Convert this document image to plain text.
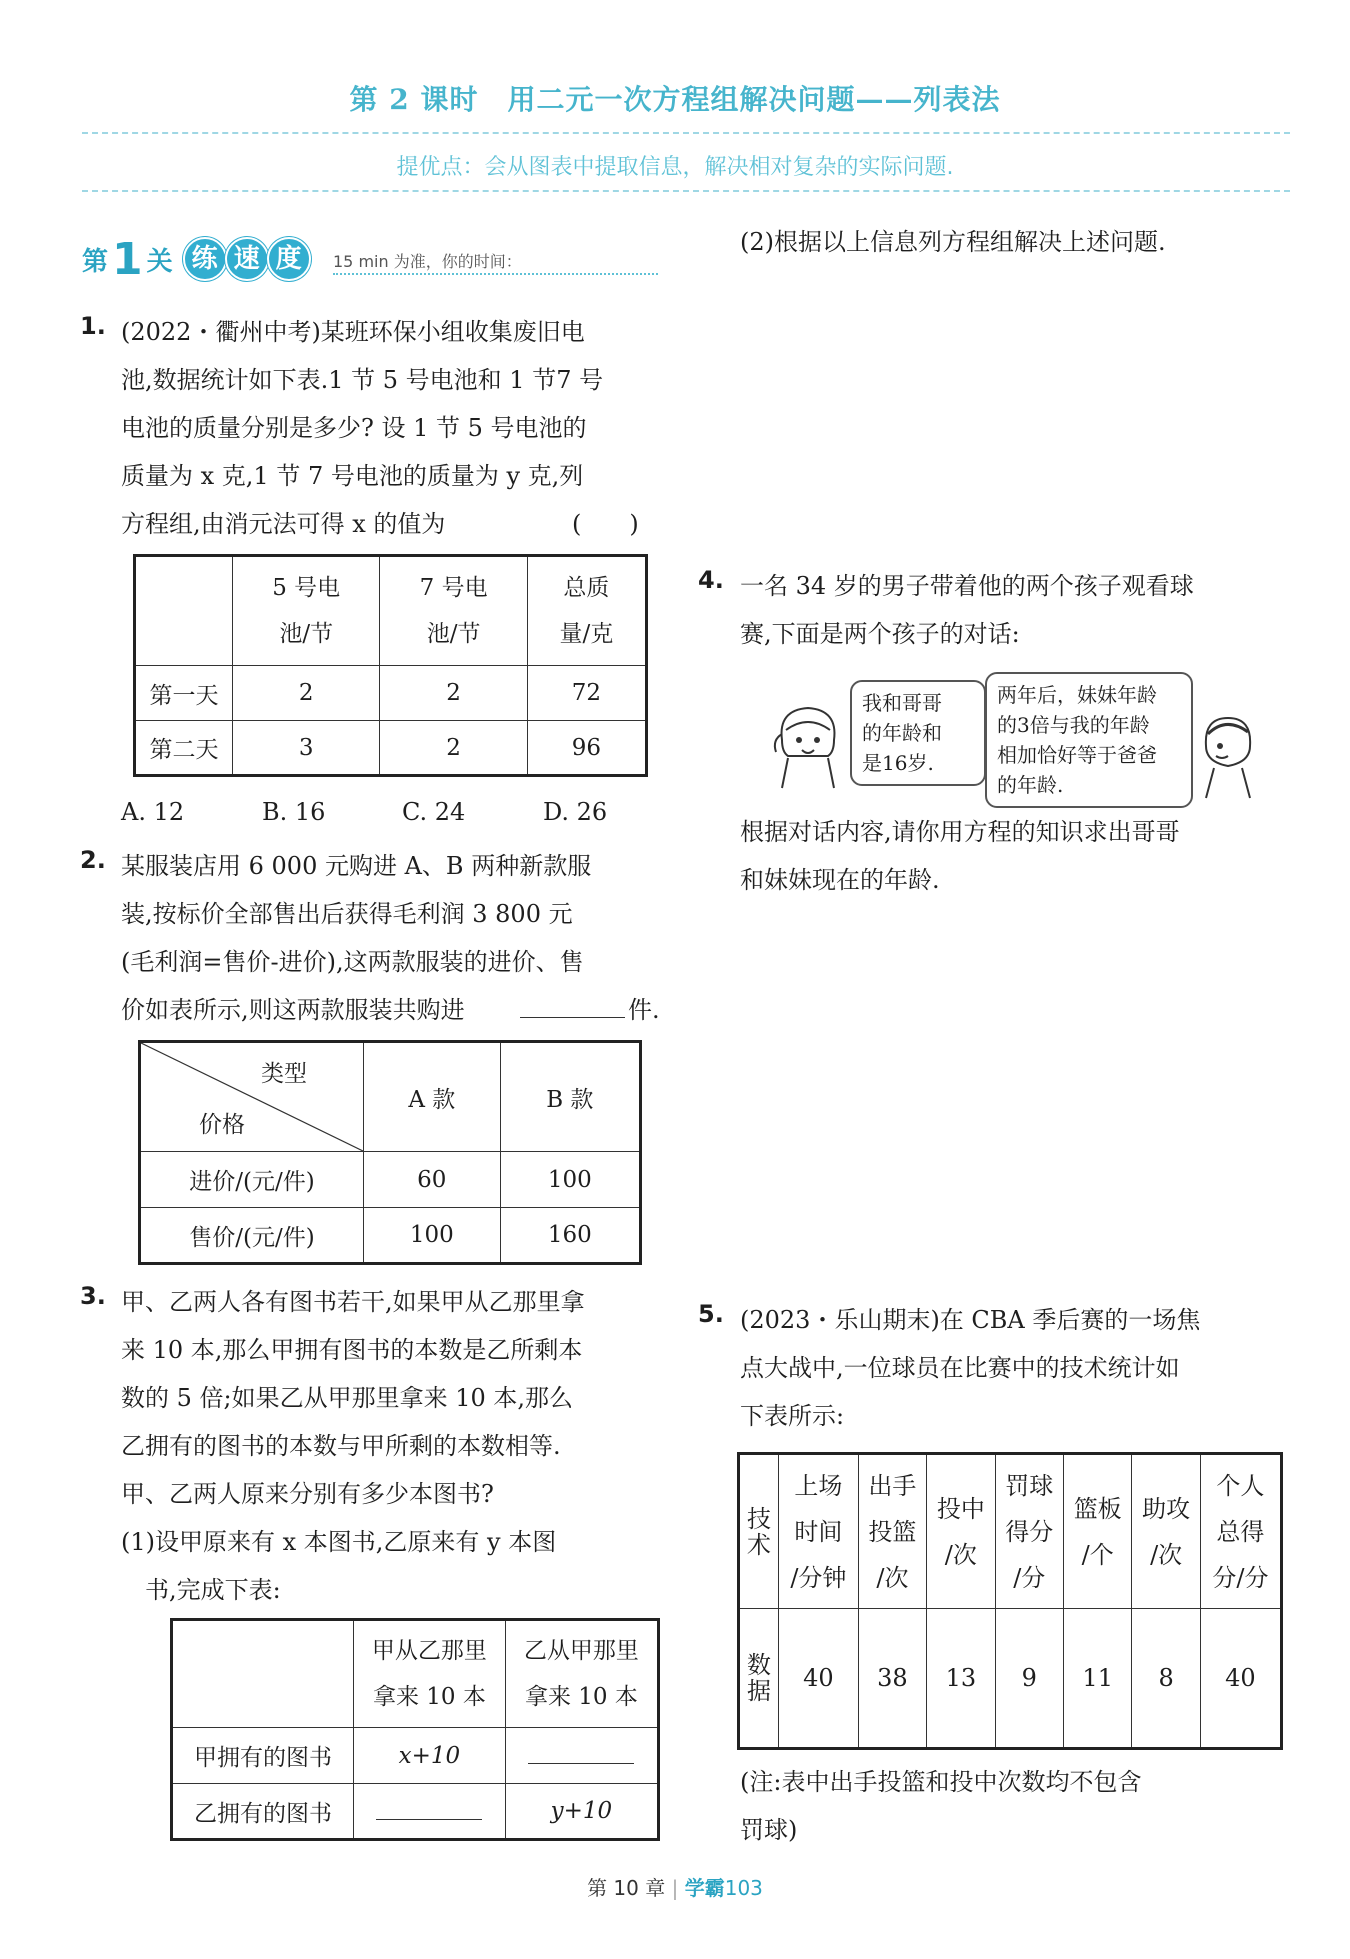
第 2 课时　用二元一次方程组解决问题——列表法
提优点：会从图表中提取信息，解决相对复杂的实际问题.
第 1 关 练 速 度	15 min 为准，你的时间：
1. (2022・衢州中考)某班环保小组收集废旧电
池,数据统计如下表.1 节 5 号电池和 1 节7 号
电池的质量分别是多少? 设 1 节 5 号电池的
质量为 x 克,1 节 7 号电池的质量为 y 克,列
方程组,由消元法可得 x 的值为	(　　)
	5 号电
池/节	7 号电
池/节	总质
量/克
第一天	2	2	72
第二天	3	2	96
A. 12	B. 16	C. 24	D. 26
2. 某服装店用 6 000 元购进 A、B 两种新款服
装,按标价全部售出后获得毛利润 3 800 元
(毛利润=售价-进价),这两款服装的进价、售
价如表所示,则这两款服装共购进	件.
类型
价格	A 款	B 款
进价/(元/件)	60	100
售价/(元/件)	100	160
3. 甲、乙两人各有图书若干,如果甲从乙那里拿
来 10 本,那么甲拥有图书的本数是乙所剩本
数的 5 倍;如果乙从甲那里拿来 10 本,那么
乙拥有的图书的本数与甲所剩的本数相等.
甲、乙两人原来分别有多少本图书?
(1)设甲原来有 x 本图书,乙原来有 y 本图
　书,完成下表:
	甲从乙那里
拿来 10 本	乙从甲那里
拿来 10 本
甲拥有的图书	x+10	
乙拥有的图书		y+10
(2)根据以上信息列方程组解决上述问题.
4. 一名 34 岁的男子带着他的两个孩子观看球
赛,下面是两个孩子的对话:
我和哥哥
的年龄和
是16岁.
两年后，妹妹年龄
的3倍与我的年龄
相加恰好等于爸爸
的年龄.
根据对话内容,请你用方程的知识求出哥哥
和妹妹现在的年龄.
5. (2023・乐山期末)在 CBA 季后赛的一场焦
点大战中,一位球员在比赛中的技术统计如
下表所示:
技
术	上场
时间
/分钟	出手
投篮
/次	投中
/次	罚球
得分
/分	篮板
/个	助攻
/次	个人
总得
分/分
数
据	40	38	13	9	11	8	40
(注:表中出手投篮和投中次数均不包含
罚球)
第 10 章 | 学霸103
